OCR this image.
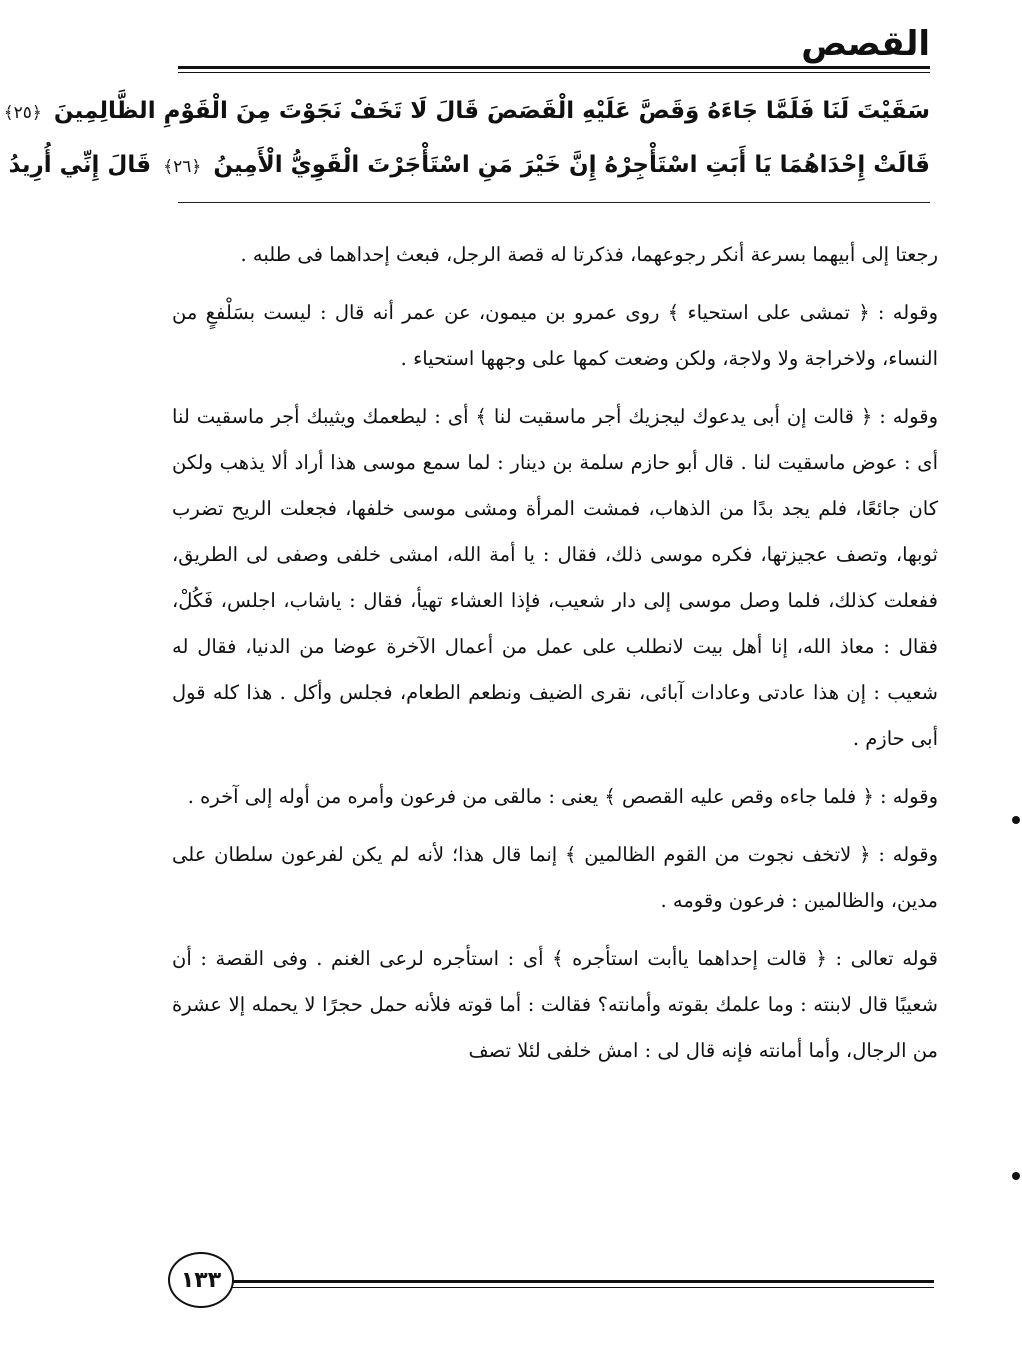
القصص
سَقَيْتَ لَنَا فَلَمَّا جَاءَهُ وَقَصَّ عَلَيْهِ الْقَصَصَ قَالَ لَا تَخَفْ نَجَوْتَ مِنَ الْقَوْمِ الظَّالِمِينَ ﴿٢٥﴾
قَالَتْ إِحْدَاهُمَا يَا أَبَتِ اسْتَأْجِرْهُ إِنَّ خَيْرَ مَنِ اسْتَأْجَرْتَ الْقَوِيُّ الْأَمِينُ ﴿٢٦﴾ قَالَ إِنِّي أُرِيدُ

رجعتا إلى أبيهما بسرعة أنكر رجوعهما، فذكرتا له قصة الرجل، فبعث إحداهما فى طلبه .

وقوله : ﴿ تمشى على استحياء ﴾ روى عمرو بن ميمون، عن عمر أنه قال : ليست بسَلْفعٍ من النساء، ولاخراجة ولا ولاجة، ولكن وضعت كمها على وجهها استحياء .

وقوله : ﴿ قالت إن أبى يدعوك ليجزيك أجر ماسقيت لنا ﴾ أى : ليطعمك ويثيبك أجر ماسقيت لنا أى : عوض ماسقيت لنا . قال أبو حازم سلمة بن دينار : لما سمع موسى هذا أراد ألا يذهب ولكن كان جائعًا، فلم يجد بدًا من الذهاب، فمشت المرأة ومشى موسى خلفها، فجعلت الريح تضرب ثوبها، وتصف عجيزتها، فكره موسى ذلك، فقال : يا أمة الله، امشى خلفى وصفى لى الطريق، ففعلت كذلك، فلما وصل موسى إلى دار شعيب، فإذا العشاء تهيأ، فقال : ياشاب، اجلس، فَكُلْ، فقال : معاذ الله، إنا أهل بيت لانطلب على عمل من أعمال الآخرة عوضا من الدنيا، فقال له شعيب : إن هذا عادتى وعادات آبائى، نقرى الضيف ونطعم الطعام، فجلس وأكل . هذا كله قول أبى حازم .

وقوله : ﴿ فلما جاءه وقص عليه القصص ﴾ يعنى : مالقى من فرعون وأمره من أوله إلى آخره .

وقوله : ﴿ لاتخف نجوت من القوم الظالمين ﴾ إنما قال هذا؛ لأنه لم يكن لفرعون سلطان على مدين، والظالمين : فرعون وقومه .

قوله تعالى : ﴿ قالت إحداهما ياأبت استأجره ﴾ أى : استأجره لرعى الغنم . وفى القصة : أن شعيبًا قال لابنته : وما علمك بقوته وأمانته؟ فقالت : أما قوته فلأنه حمل حجرًا لا يحمله إلا عشرة من الرجال، وأما أمانته فإنه قال لى : امش خلفى لئلا تصف

١٣٣
